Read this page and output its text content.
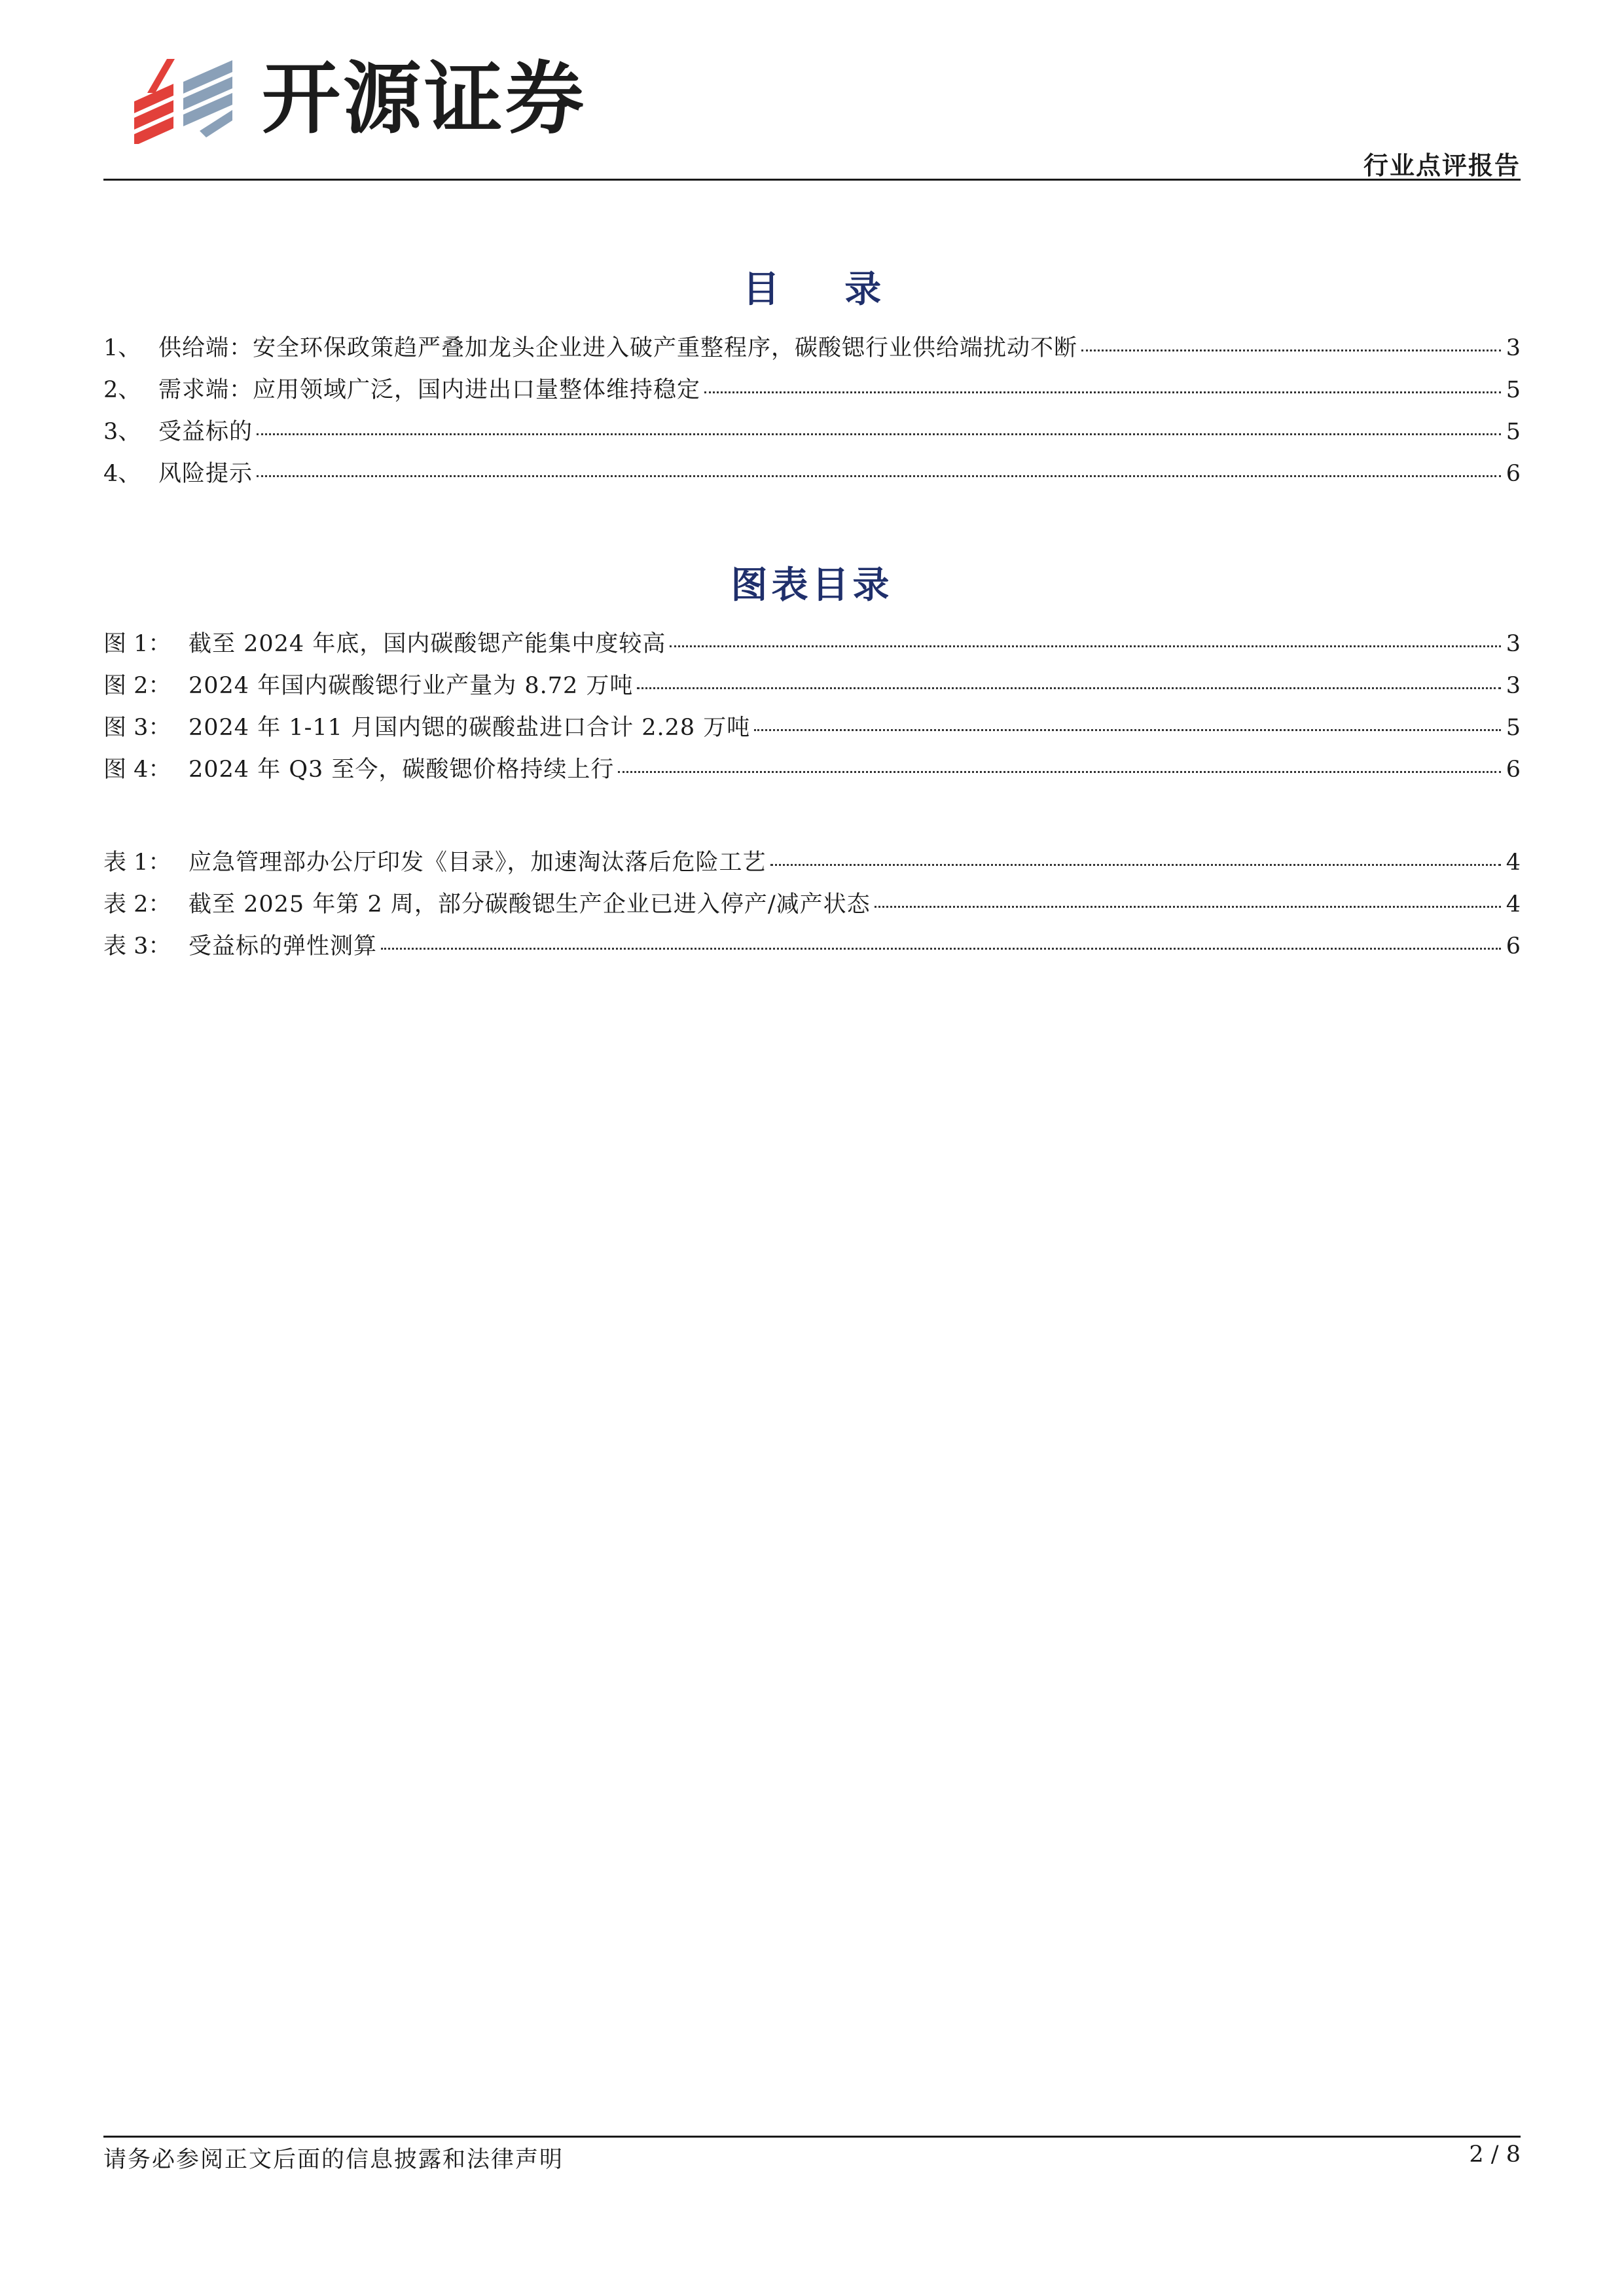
开源证券
行业点评报告
目 录
1、 供给端：安全环保政策趋严叠加龙头企业进入破产重整程序，碳酸锶行业供给端扰动不断	3
2、 需求端：应用领域广泛，国内进出口量整体维持稳定	5
3、 受益标的	5
4、 风险提示	6
图表目录
图 1： 截至 2024 年底，国内碳酸锶产能集中度较高	3
图 2： 2024 年国内碳酸锶行业产量为 8.72 万吨	3
图 3： 2024 年 1-11 月国内锶的碳酸盐进口合计 2.28 万吨	5
图 4： 2024 年 Q3 至今，碳酸锶价格持续上行	6
表 1： 应急管理部办公厅印发《目录》，加速淘汰落后危险工艺	4
表 2： 截至 2025 年第 2 周，部分碳酸锶生产企业已进入停产/减产状态	4
表 3： 受益标的弹性测算	6
请务必参阅正文后面的信息披露和法律声明	2 / 8
